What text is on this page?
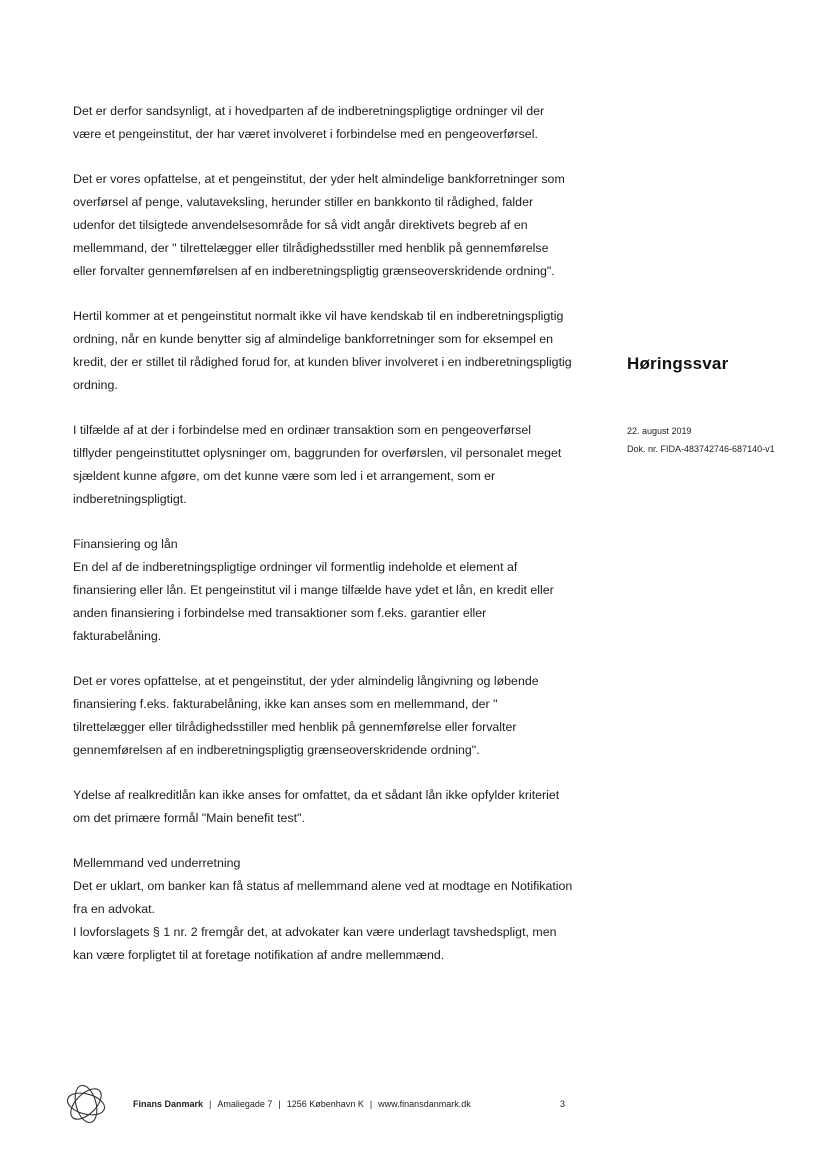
Det er derfor sandsynligt, at i hovedparten af de indberetningspligtige ordninger vil der være et pengeinstitut, der har været involveret i forbindelse med en pengeoverførsel.

Det er vores opfattelse, at et pengeinstitut, der yder helt almindelige bankforretninger som overførsel af penge, valutaveksling, herunder stiller en bankkonto til rådighed, falder udenfor det tilsigtede anvendelsesområde for så vidt angår direktivets begreb af en mellemmand, der " tilrettelægger eller tilrådighedsstiller med henblik på gennemførelse eller forvalter gennemførelsen af en indberetningspligtig grænseoverskridende ordning".

Hertil kommer at et pengeinstitut normalt ikke vil have kendskab til en indberetningspligtig ordning, når en kunde benytter sig af almindelige bankforretninger som for eksempel en kredit, der er stillet til rådighed forud for, at kunden bliver involveret i en indberetningspligtig ordning.

I tilfælde af at der i forbindelse med en ordinær transaktion som en pengeoverførsel tilflyder pengeinstituttet oplysninger om, baggrunden for overførslen, vil personalet meget sjældent kunne afgøre, om det kunne være som led i et arrangement, som er indberetningspligtigt.

Finansiering og lån

En del af de indberetningspligtige ordninger vil formentlig indeholde et element af finansiering eller lån. Et pengeinstitut vil i mange tilfælde have ydet et lån, en kredit eller anden finansiering i forbindelse med transaktioner som f.eks. garantier eller fakturabelåning.

Det er vores opfattelse, at et pengeinstitut, der yder almindelig långivning og løbende finansiering f.eks. fakturabelåning, ikke kan anses som en mellemmand, der " tilrettelægger eller tilrådighedsstiller med henblik på gennemførelse eller forvalter gennemførelsen af en indberetningspligtig grænseoverskridende ordning".

Ydelse af realkreditlån kan ikke anses for omfattet, da et sådant lån ikke opfylder kriteriet om det primære formål "Main benefit test".

Mellemmand ved underretning

Det er uklart, om banker kan få status af mellemmand alene ved at modtage en Notifikation fra en advokat.

I lovforslagets § 1 nr. 2 fremgår det, at advokater kan være underlagt tavshedspligt, men kan være forpligtet til at foretage notifikation af andre mellemmænd.

Høringssvar
22. august 2019
Dok. nr. FIDA-483742746-687140-v1
Finans Danmark | Amaliegade 7 | 1256 København K | www.finansdanmark.dk	3
